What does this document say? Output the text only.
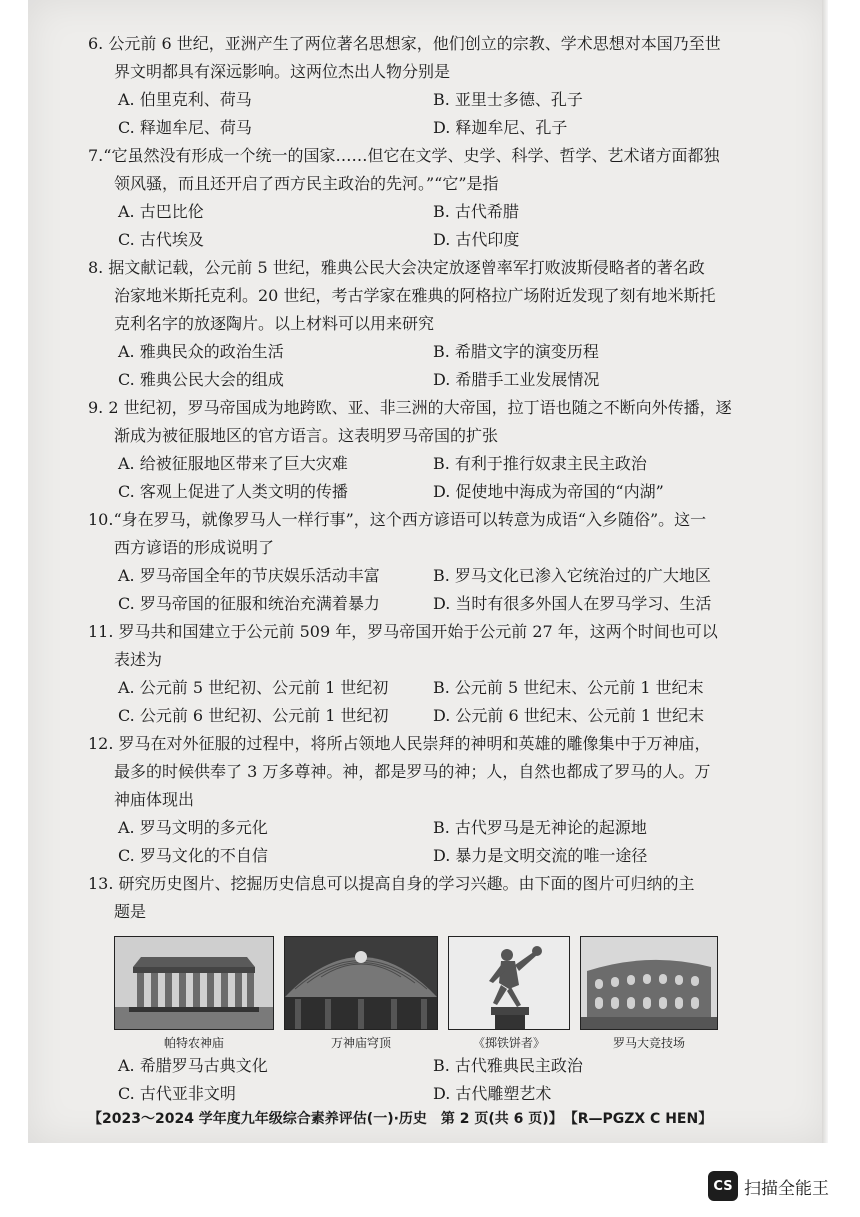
6. 公元前 6 世纪，亚洲产生了两位著名思想家，他们创立的宗教、学术思想对本国乃至世
界文明都具有深远影响。这两位杰出人物分别是
A. 伯里克利、荷马	B. 亚里士多德、孔子
C. 释迦牟尼、荷马	D. 释迦牟尼、孔子
7.“它虽然没有形成一个统一的国家……但它在文学、史学、科学、哲学、艺术诸方面都独
领风骚，而且还开启了西方民主政治的先河。”“它”是指
A. 古巴比伦	B. 古代希腊
C. 古代埃及	D. 古代印度
8. 据文献记载，公元前 5 世纪，雅典公民大会决定放逐曾率军打败波斯侵略者的著名政
治家地米斯托克利。20 世纪，考古学家在雅典的阿格拉广场附近发现了刻有地米斯托
克利名字的放逐陶片。以上材料可以用来研究
A. 雅典民众的政治生活	B. 希腊文字的演变历程
C. 雅典公民大会的组成	D. 希腊手工业发展情况
9. 2 世纪初，罗马帝国成为地跨欧、亚、非三洲的大帝国，拉丁语也随之不断向外传播，逐
渐成为被征服地区的官方语言。这表明罗马帝国的扩张
A. 给被征服地区带来了巨大灾难	B. 有利于推行奴隶主民主政治
C. 客观上促进了人类文明的传播	D. 促使地中海成为帝国的“内湖”
10.“身在罗马，就像罗马人一样行事”，这个西方谚语可以转意为成语“入乡随俗”。这一
西方谚语的形成说明了
A. 罗马帝国全年的节庆娱乐活动丰富	B. 罗马文化已渗入它统治过的广大地区
C. 罗马帝国的征服和统治充满着暴力	D. 当时有很多外国人在罗马学习、生活
11. 罗马共和国建立于公元前 509 年，罗马帝国开始于公元前 27 年，这两个时间也可以
表述为
A. 公元前 5 世纪初、公元前 1 世纪初	B. 公元前 5 世纪末、公元前 1 世纪末
C. 公元前 6 世纪初、公元前 1 世纪初	D. 公元前 6 世纪末、公元前 1 世纪末
12. 罗马在对外征服的过程中，将所占领地人民崇拜的神明和英雄的雕像集中于万神庙，
最多的时候供奉了 3 万多尊神。神，都是罗马的神；人，自然也都成了罗马的人。万
神庙体现出
A. 罗马文明的多元化	B. 古代罗马是无神论的起源地
C. 罗马文化的不自信	D. 暴力是文明交流的唯一途径
13. 研究历史图片、挖掘历史信息可以提高自身的学习兴趣。由下面的图片可归纳的主
题是
帕特农神庙	万神庙穹顶	《掷铁饼者》	罗马大竞技场
A. 希腊罗马古典文化	B. 古代雅典民主政治
C. 古代亚非文明	D. 古代雕塑艺术
【2023～2024 学年度九年级综合素养评估(一)·历史　第 2 页(共 6 页)】 【R—PGZX C HEN】
CS 扫描全能王
